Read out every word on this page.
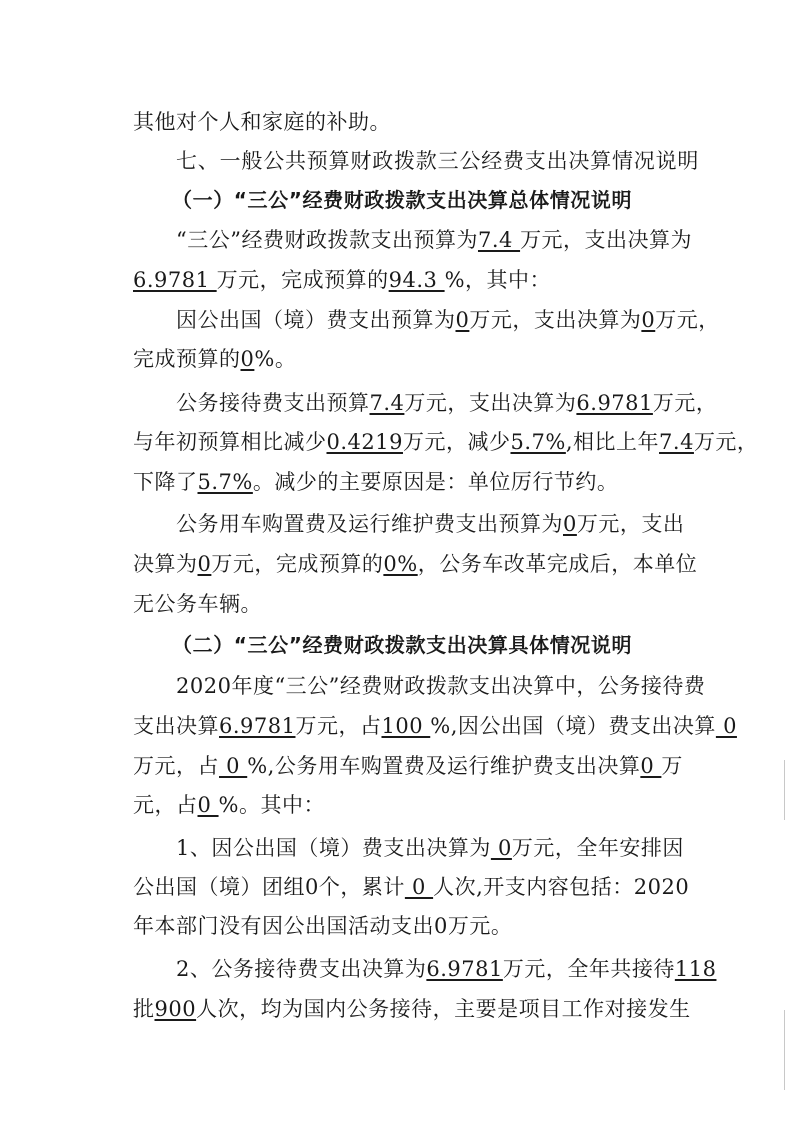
其他对个人和家庭的补助。
七、一般公共预算财政拨款三公经费支出决算情况说明
（一）“三公”经费财政拨款支出决算总体情况说明
“三公”经费财政拨款支出预算为7.4 万元，支出决算为
6.9781 万元，完成预算的94.3 %，其中：
因公出国（境）费支出预算为0万元，支出决算为0万元，
完成预算的0%。
公务接待费支出预算7.4万元，支出决算为6.9781万元，
与年初预算相比减少0.4219万元，减少5.7%,相比上年7.4万元，
下降了5.7%。减少的主要原因是：单位厉行节约。
公务用车购置费及运行维护费支出预算为0万元，支出
决算为0万元，完成预算的0%，公务车改革完成后，本单位
无公务车辆。
（二）“三公”经费财政拨款支出决算具体情况说明
2020年度“三公”经费财政拨款支出决算中，公务接待费
支出决算6.9781万元，占100 %,因公出国（境）费支出决算 0
万元，占 0 %,公务用车购置费及运行维护费支出决算0 万
元，占0 %。其中：
1、因公出国（境）费支出决算为 0万元，全年安排因
公出国（境）团组0个，累计 0 人次,开支内容包括：2020
年本部门没有因公出国活动支出0万元。
2、公务接待费支出决算为6.9781万元，全年共接待118
批900人次，均为国内公务接待，主要是项目工作对接发生
